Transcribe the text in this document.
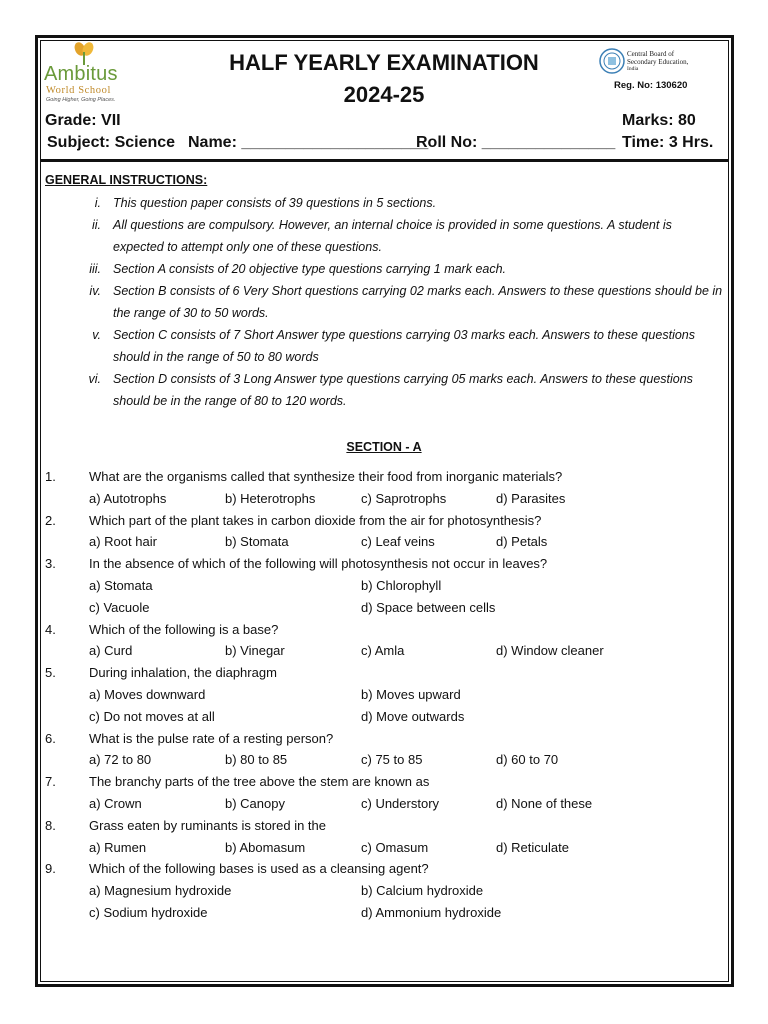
Ambitus
World School
Going Higher, Going Places.
HALF YEARLY EXAMINATION
2024-25
Central Board of
Secondary Education,
India
Reg. No: 130620
Grade: VII	Marks: 80
Subject: Science Name: _____________________
Roll No: _______________ Time: 3 Hrs.
GENERAL INSTRUCTIONS:
i. This question paper consists of 39 questions in 5 sections.
ii. All questions are compulsory. However, an internal choice is provided in some questions. A student is expected to attempt only one of these questions.
iii. Section A consists of 20 objective type questions carrying 1 mark each.
iv. Section B consists of 6 Very Short questions carrying 02 marks each. Answers to these questions should be in the range of 30 to 50 words.
v. Section C consists of 7 Short Answer type questions carrying 03 marks each. Answers to these questions should in the range of 50 to 80 words
vi. Section D consists of 3 Long Answer type questions carrying 05 marks each. Answers to these questions should be in the range of 80 to 120 words.
SECTION - A
1.	What are the organisms called that synthesize their food from inorganic materials?
a) Autotrophs	b) Heterotrophs	c) Saprotrophs	d) Parasites
2.	Which part of the plant takes in carbon dioxide from the air for photosynthesis?
a) Root hair	b) Stomata	c) Leaf veins	d) Petals
3.	In the absence of which of the following will photosynthesis not occur in leaves?
a) Stomata	b) Chlorophyll
c) Vacuole	d) Space between cells
4.	Which of the following is a base?
a) Curd	b) Vinegar	c) Amla	d) Window cleaner
5.	During inhalation, the diaphragm
a) Moves downward	b) Moves upward
c) Do not moves at all	d) Move outwards
6.	What is the pulse rate of a resting person?
a) 72 to 80	b) 80 to 85	c) 75 to 85	d) 60 to 70
7.	The branchy parts of the tree above the stem are known as
a) Crown	b) Canopy	c) Understory	d) None of these
8.	Grass eaten by ruminants is stored in the
a) Rumen	b) Abomasum	c) Omasum	d) Reticulate
9.	Which of the following bases is used as a cleansing agent?
a) Magnesium hydroxide	b) Calcium hydroxide
c) Sodium hydroxide	d) Ammonium hydroxide
